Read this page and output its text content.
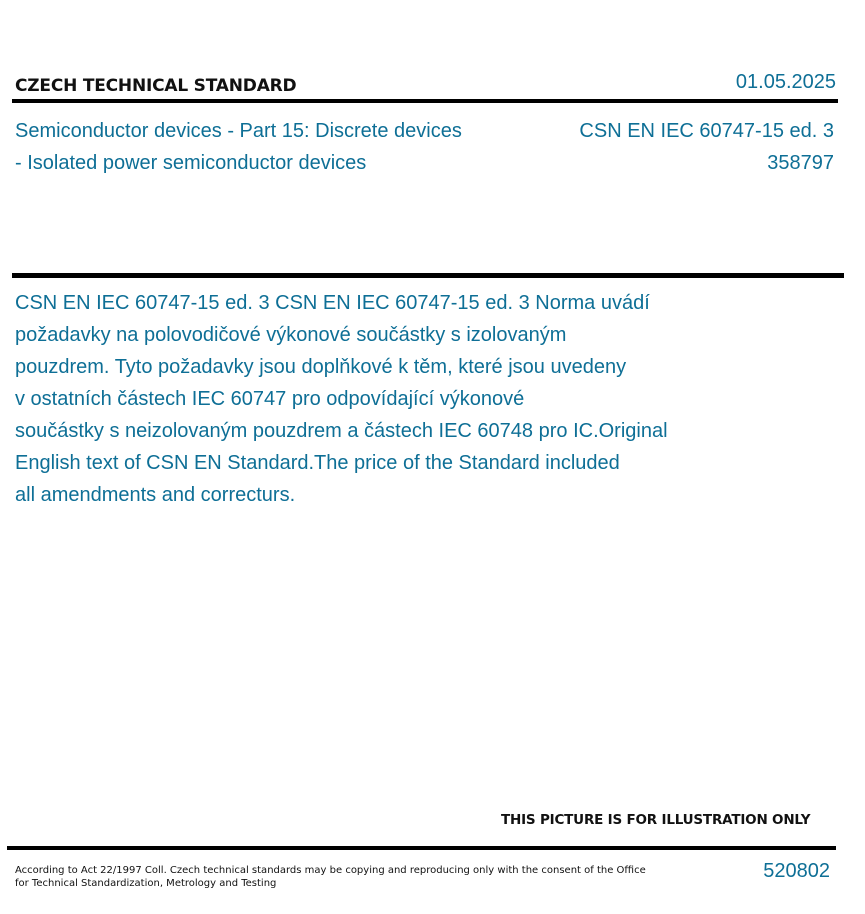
CZECH TECHNICAL STANDARD	01.05.2025
Semiconductor devices - Part 15: Discrete devices
- Isolated power semiconductor devices
CSN EN IEC 60747-15 ed. 3
358797
CSN EN IEC 60747-15 ed. 3 CSN EN IEC 60747-15 ed. 3 Norma uvádí
požadavky na polovodičové výkonové součástky s izolovaným
pouzdrem. Tyto požadavky jsou doplňkové k těm, které jsou uvedeny
v ostatních částech IEC 60747 pro odpovídající výkonové
součástky s neizolovaným pouzdrem a částech IEC 60748 pro IC.Original
English text of CSN EN Standard.The price of the Standard included
all amendments and correcturs.
THIS PICTURE IS FOR ILLUSTRATION ONLY
According to Act 22/1997 Coll. Czech technical standards may be copying and reproducing only with the consent of the Office
for Technical Standardization, Metrology and Testing
520802
